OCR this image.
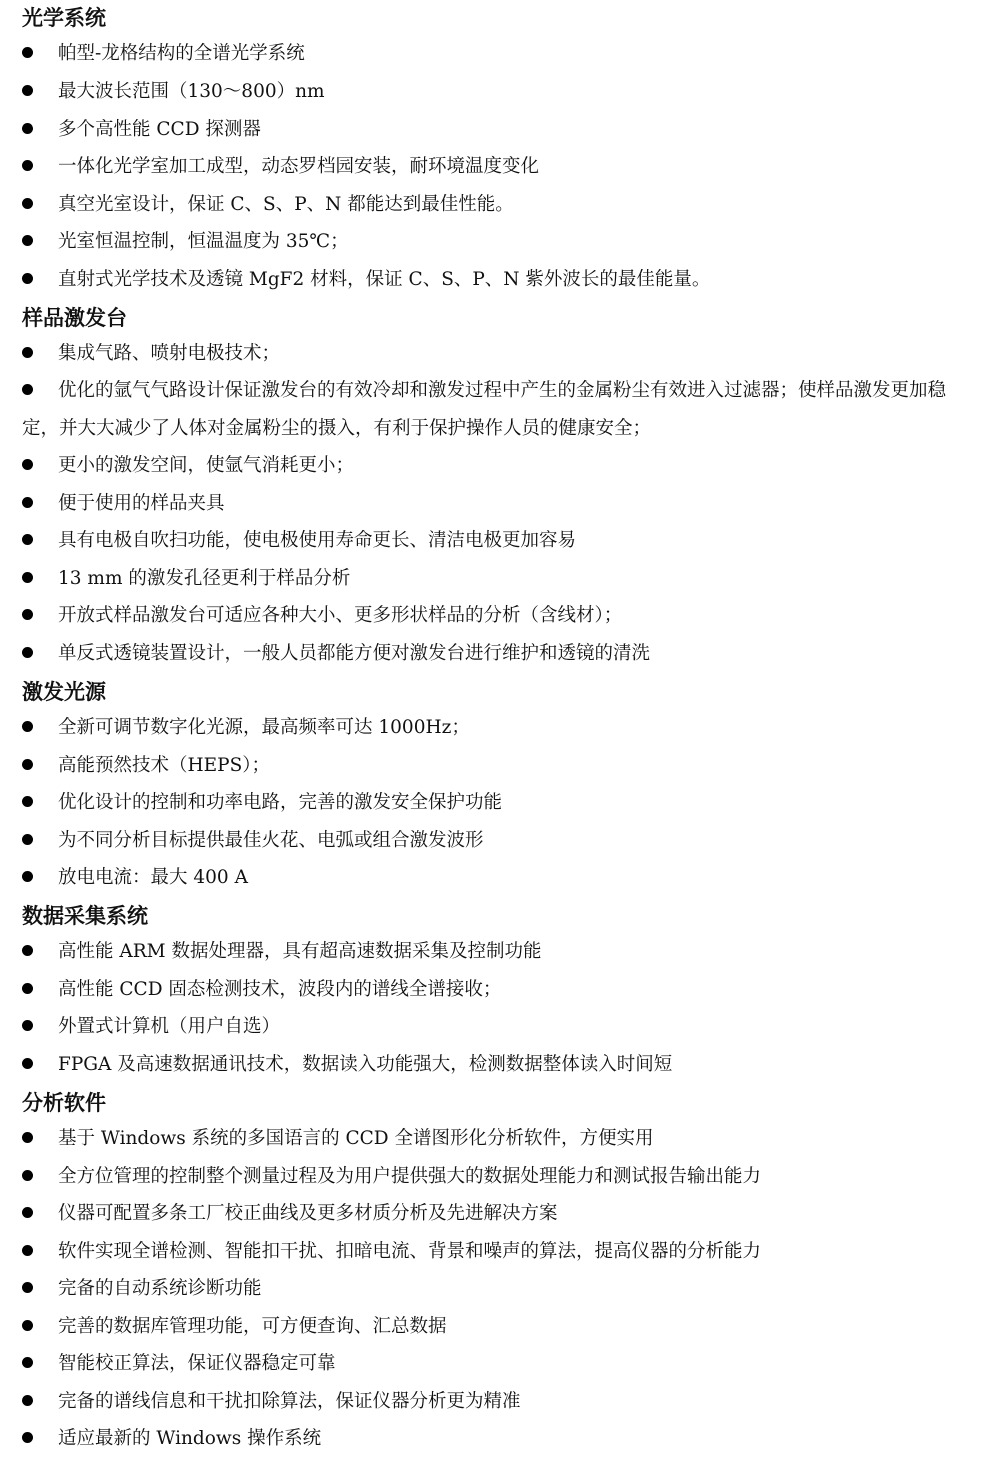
光学系统
帕型-龙格结构的全谱光学系统
最大波长范围（130～800）nm
多个高性能 CCD 探测器
一体化光学室加工成型，动态罗档园安装，耐环境温度变化
真空光室设计，保证 C、S、P、N 都能达到最佳性能。
光室恒温控制，恒温温度为 35℃；
直射式光学技术及透镜 MgF2 材料，保证 C、S、P、N 紫外波长的最佳能量。
样品激发台
集成气路、喷射电极技术；
优化的氩气气路设计保证激发台的有效冷却和激发过程中产生的金属粉尘有效进入过滤器；使样品激发更加稳定，并大大减少了人体对金属粉尘的摄入，有利于保护操作人员的健康安全；
更小的激发空间，使氩气消耗更小；
便于使用的样品夹具
具有电极自吹扫功能，使电极使用寿命更长、清洁电极更加容易
13 mm 的激发孔径更利于样品分析
开放式样品激发台可适应各种大小、更多形状样品的分析（含线材）；
单反式透镜装置设计，一般人员都能方便对激发台进行维护和透镜的清洗
激发光源
全新可调节数字化光源，最高频率可达 1000Hz；
高能预然技术（HEPS）；
优化设计的控制和功率电路，完善的激发安全保护功能
为不同分析目标提供最佳火花、电弧或组合激发波形
放电电流：最大 400 A
数据采集系统
高性能 ARM 数据处理器，具有超高速数据采集及控制功能
高性能 CCD 固态检测技术，波段内的谱线全谱接收；
外置式计算机（用户自选）
FPGA 及高速数据通讯技术，数据读入功能强大，检测数据整体读入时间短
分析软件
基于 Windows 系统的多国语言的 CCD 全谱图形化分析软件，方便实用
全方位管理的控制整个测量过程及为用户提供强大的数据处理能力和测试报告输出能力
仪器可配置多条工厂校正曲线及更多材质分析及先进解决方案
软件实现全谱检测、智能扣干扰、扣暗电流、背景和噪声的算法，提高仪器的分析能力
完备的自动系统诊断功能
完善的数据库管理功能，可方便查询、汇总数据
智能校正算法，保证仪器稳定可靠
完备的谱线信息和干扰扣除算法，保证仪器分析更为精准
适应最新的 Windows 操作系统
